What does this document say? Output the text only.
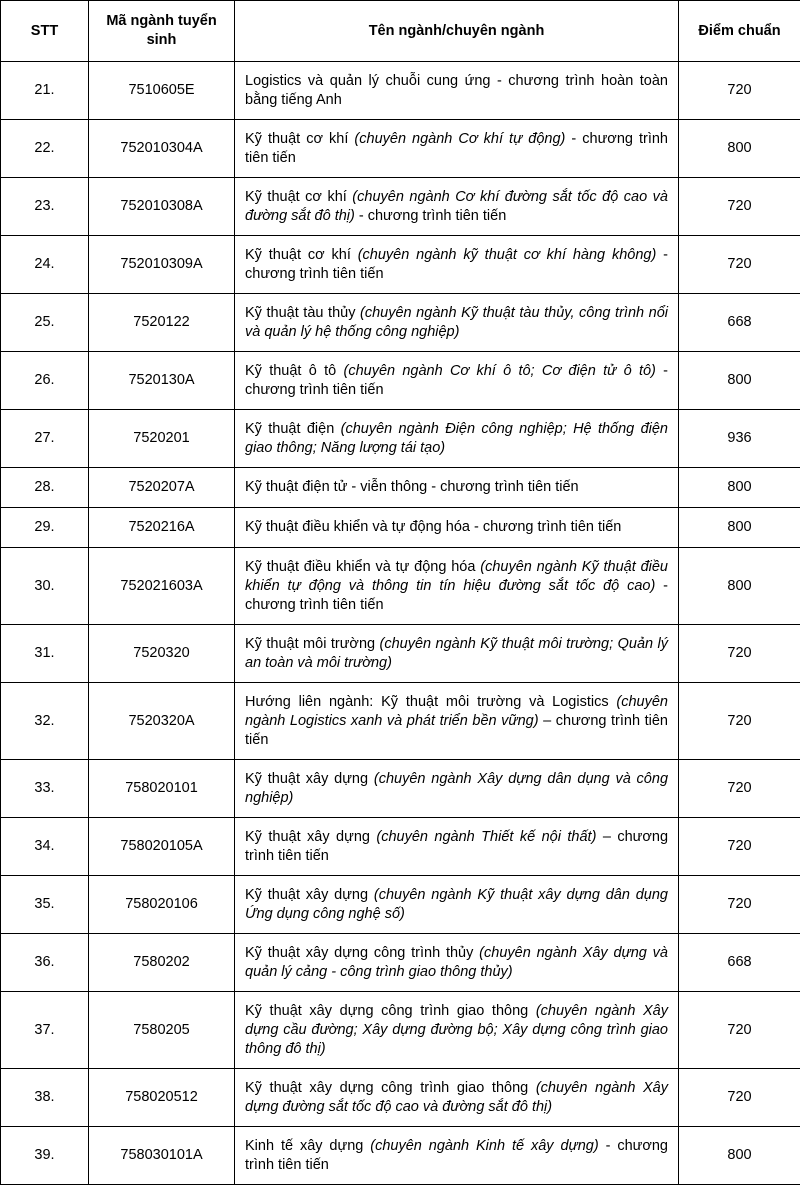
STT	Mã ngành tuyển sinh	Tên ngành/chuyên ngành	Điểm chuẩn
21.	7510605E	Logistics và quản lý chuỗi cung ứng - chương trình hoàn toàn bằng tiếng Anh	720
22.	752010304A	Kỹ thuật cơ khí (chuyên ngành Cơ khí tự động) - chương trình tiên tiến	800
23.	752010308A	Kỹ thuật cơ khí (chuyên ngành Cơ khí đường sắt tốc độ cao và đường sắt đô thị) - chương trình tiên tiến	720
24.	752010309A	Kỹ thuật cơ khí (chuyên ngành kỹ thuật cơ khí hàng không) - chương trình tiên tiến	720
25.	7520122	Kỹ thuật tàu thủy (chuyên ngành Kỹ thuật tàu thủy, công trình nổi và quản lý hệ thống công nghiệp)	668
26.	7520130A	Kỹ thuật ô tô (chuyên ngành Cơ khí ô tô; Cơ điện tử ô tô) - chương trình tiên tiến	800
27.	7520201	Kỹ thuật điện (chuyên ngành Điện công nghiệp; Hệ thống điện giao thông; Năng lượng tái tạo)	936
28.	7520207A	Kỹ thuật điện tử - viễn thông - chương trình tiên tiến	800
29.	7520216A	Kỹ thuật điều khiển và tự động hóa - chương trình tiên tiến	800
30.	752021603A	Kỹ thuật điều khiển và tự động hóa (chuyên ngành Kỹ thuật điều khiển tự động và thông tin tín hiệu đường sắt tốc độ cao) - chương trình tiên tiến	800
31.	7520320	Kỹ thuật môi trường (chuyên ngành Kỹ thuật môi trường; Quản lý an toàn và môi trường)	720
32.	7520320A	Hướng liên ngành: Kỹ thuật môi trường và Logistics (chuyên ngành Logistics xanh và phát triển bền vững) – chương trình tiên tiến	720
33.	758020101	Kỹ thuật xây dựng (chuyên ngành Xây dựng dân dụng và công nghiệp)	720
34.	758020105A	Kỹ thuật xây dựng (chuyên ngành Thiết kế nội thất) – chương trình tiên tiến	720
35.	758020106	Kỹ thuật xây dựng (chuyên ngành Kỹ thuật xây dựng dân dụng Ứng dụng công nghệ số)	720
36.	7580202	Kỹ thuật xây dựng công trình thủy (chuyên ngành Xây dựng và quản lý cảng - công trình giao thông thủy)	668
37.	7580205	Kỹ thuật xây dựng công trình giao thông (chuyên ngành Xây dựng cầu đường; Xây dựng đường bộ; Xây dựng công trình giao thông đô thị)	720
38.	758020512	Kỹ thuật xây dựng công trình giao thông (chuyên ngành Xây dựng đường sắt tốc độ cao và đường sắt đô thị)	720
39.	758030101A	Kinh tế xây dựng (chuyên ngành Kinh tế xây dựng) - chương trình tiên tiến	800
